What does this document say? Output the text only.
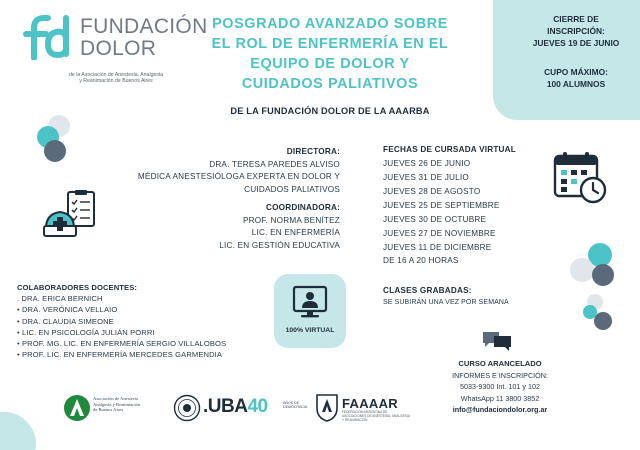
FUNDACIÓN
DOLOR
de la Asociación de Anestesia, Analgesia
y Reanimación de Buenos Aires
POSGRADO AVANZADO SOBRE
EL ROL DE ENFERMERÍA EN EL
EQUIPO DE DOLOR Y
CUIDADOS PALIATIVOS
DE LA FUNDACIÓN DOLOR DE LA AAARBA
CIERRE DE
INSCRIPCIÓN:
JUEVES 19 DE JUNIO
CUPO MÁXIMO:
100 ALUMNOS
DIRECTORA:
DRA. TERESA PAREDES ALVISO
MÉDICA ANESTESIÓLOGA EXPERTA EN DOLOR Y
CUIDADOS PALIATIVOS
COORDINADORA:
PROF. NORMA BENÍTEZ
LIC. EN ENFERMERÍA
LIC. EN GESTIÓN EDUCATIVA
FECHAS DE CURSADA VIRTUAL
JUEVES 26 DE JUNIO
JUEVES 31 DE JULIO
JUEVES 28 DE AGOSTO
JUEVES 25 DE SEPTIEMBRE
JUEVES 30 DE OCTUBRE
JUEVES 27 DE NOVIEMBRE
JUEVES 11 DE DICIEMBRE
DE 16 A 20 HORAS
CLASES GRABADAS:
SE SUBIRÁN UNA VEZ POR SEMANA
COLABORADORES DOCENTES:
. DRA. ERICA BERNICH
• DRA. VERÓNICA VELLAIO
• DRA. CLAUDIA SIMEONE
• LIC. EN PSICOLOGÍA JULIÁN PORRI
• PROF. MG. LIC. EN ENFERMERÍA SERGIO VILLALOBOS
• PROF. LIC. EN ENFERMERÍA MERCEDES GARMENDIA
100% VIRTUAL
CURSO ARANCELADO
INFORMES E INSCRIPCIÓN:
5033-9300 Int. 101 y 102
WhatsApp 11 3800 3852
info@fundaciondolor.org.ar
Asociación de Anestesia
Analgesia y Reanimación
de Buenos Aires	.UBA40	AÑOS DE
DEMOCRACIA	FAAAAR
FEDERACIÓN ARGENTINA DE ASOCIACIONES DE ANESTESIA, ANALGESIA Y REANIMACIÓN
